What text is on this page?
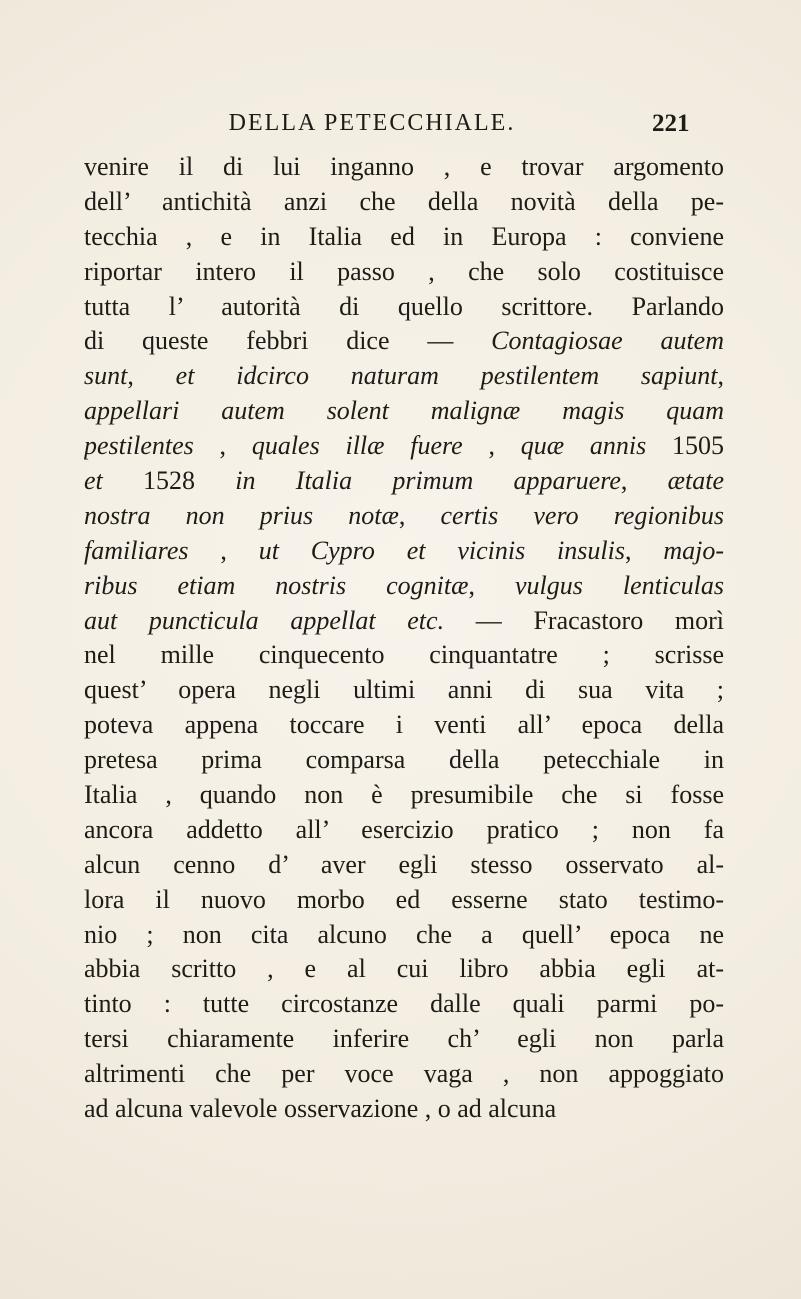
DELLA PETECCHIALE.	221
venire il di lui inganno , e trovar argomento
dell’ antichità anzi che della novità della pe-
tecchia , e in Italia ed in Europa : conviene
riportar intero il passo , che solo costituisce
tutta l’ autorità di quello scrittore. Parlando
di queste febbri dice — Contagiosae autem
sunt, et idcirco naturam pestilentem sapiunt,
appellari autem solent malignæ magis quam
pestilentes , quales illæ fuere , quæ annis 1505
et 1528 in Italia primum apparuere, ætate
nostra non prius notæ, certis vero regionibus
familiares , ut Cypro et vicinis insulis, majo-
ribus etiam nostris cognitæ, vulgus lenticulas
aut puncticula appellat etc. — Fracastoro morì
nel mille cinquecento cinquantatre ; scrisse
quest’ opera negli ultimi anni di sua vita ;
poteva appena toccare i venti all’ epoca della
pretesa prima comparsa della petecchiale in
Italia , quando non è presumibile che si fosse
ancora addetto all’ esercizio pratico ; non fa
alcun cenno d’ aver egli stesso osservato al-
lora il nuovo morbo ed esserne stato testimo-
nio ; non cita alcuno che a quell’ epoca ne
abbia scritto , e al cui libro abbia egli at-
tinto : tutte circostanze dalle quali parmi po-
tersi chiaramente inferire ch’ egli non parla
altrimenti che per voce vaga , non appoggiato
ad alcuna valevole osservazione , o ad alcuna
